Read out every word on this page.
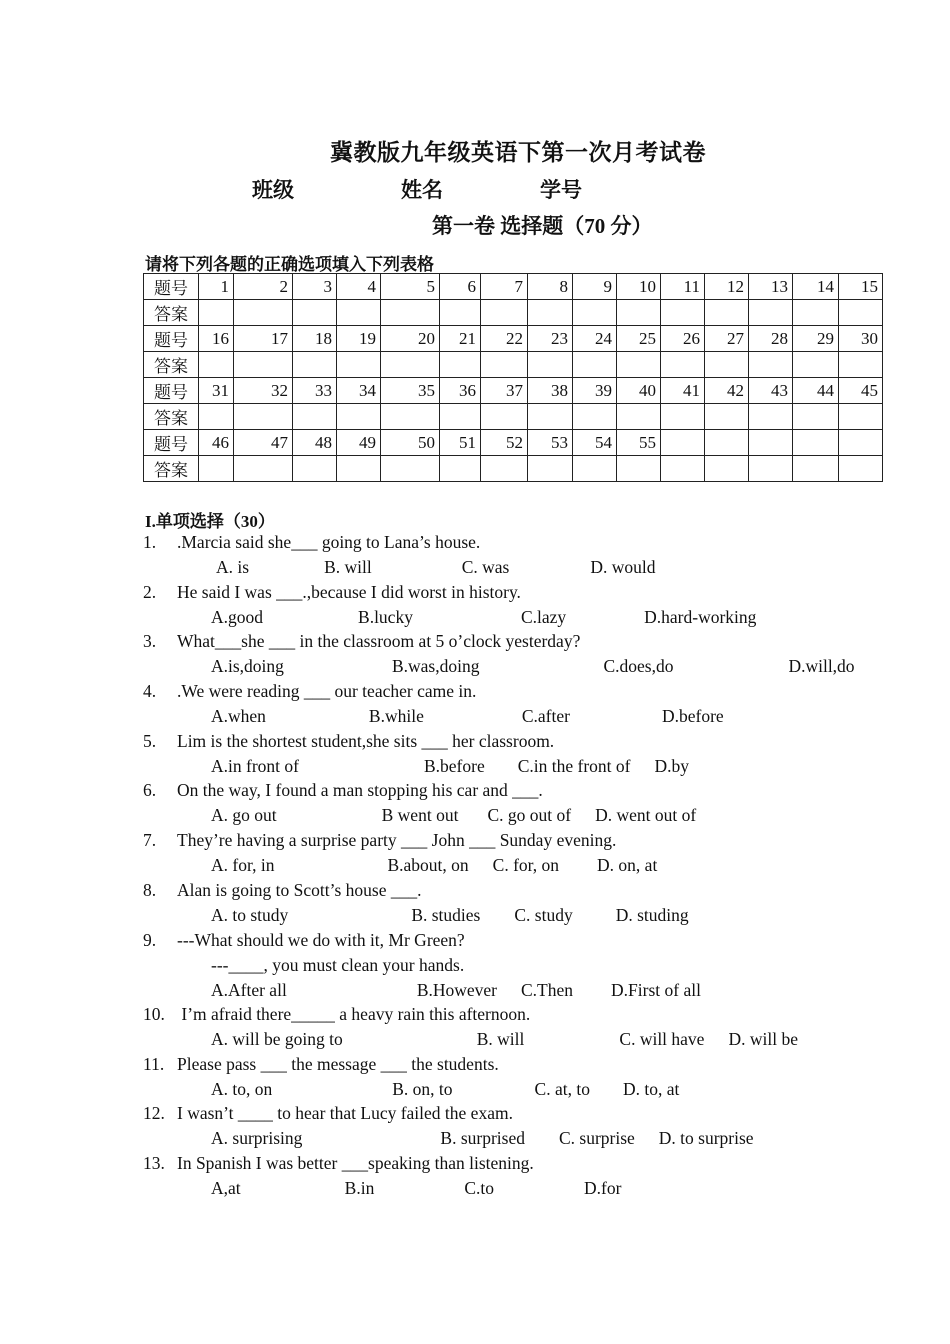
冀教版九年级英语下第一次月考试卷
班级	姓名	学号
第一卷 选择题（70 分）
请将下列各题的正确选项填入下列表格
题号	1	2	3	4	5	6	7	8	9	10	11	12	13	14	15
答案															
题号	16	17	18	19	20	21	22	23	24	25	26	27	28	29	30
答案															
题号	31	32	33	34	35	36	37	38	39	40	41	42	43	44	45
答案															
题号	46	47	48	49	50	51	52	53	54	55					
答案															
I.单项选择（30）
1. .Marcia said she___ going to Lana’s house.
A. is	B. will	C. was	D. would
2. He said I was ___.,because I did worst in history.
A.good	B.lucky	C.lazy	D.hard-working
3. What___she ___ in the classroom at 5 o’clock yesterday?
A.is,doing	B.was,doing	C.does,do	D.will,do
4. .We were reading ___ our teacher came in.
A.when	B.while	C.after	D.before
5. Lim is the shortest student,she sits ___ her classroom.
A.in front of	B.before C.in the front of D.by
6. On the way, I found a man stopping his car and ___.
A. go out	B went out C. go out of D. went out of
7. They’re having a surprise party ___ John ___ Sunday evening.
A. for, in	B.about, on C. for, on D. on, at
8. Alan is going to Scott’s house ___.
A. to study	B. studies C. study D. studing
9. ---What should we do with it, Mr Green?
---____, you must clean your hands.
A.After all	B.However C.Then D.First of all
10. I’m afraid there_____ a heavy rain this afternoon.
A. will be going to	B. will	C. will have D. will be
11. Please pass ___ the message ___ the students.
A. to, on	B. on, to	C. at, to D. to, at
12. I wasn’t ____ to hear that Lucy failed the exam.
A. surprising	B. surprised C. surprise D. to surprise
13. In Spanish I was better ___speaking than listening.
A,at	B.in	C.to	D.for
